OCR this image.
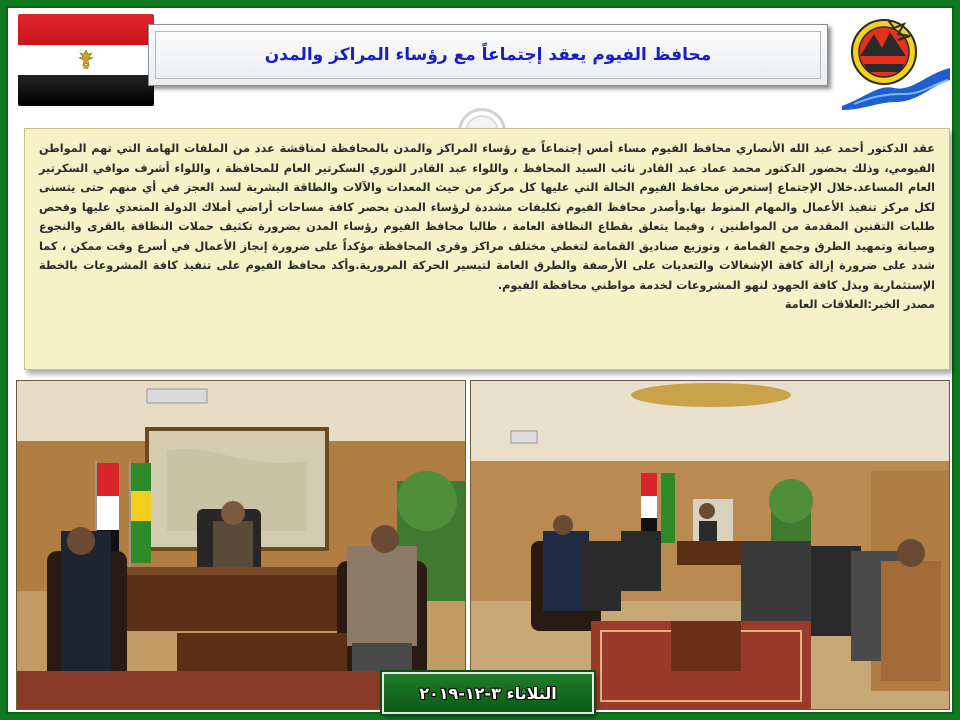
محافظ الفيوم يعقد إجتماعاً مع رؤساء المراكز والمدن

عقد الدكتور أحمد عبد الله الأنصاري محافظ الفيوم مساء أمس إجتماعاً مع رؤساء المراكز والمدن بالمحافظة لمناقشة عدد من الملفات الهامة التي تهم المواطن الفيومي، وذلك بحضور الدكتور محمد عماد عبد القادر نائب السيد المحافظ ، واللواء عبد القادر النوري السكرتير العام للمحافظة ، واللواء أشرف موافي السكرتير العام المساعد.خلال الإجتماع إستعرض محافظ الفيوم الحالة التي عليها كل مركز من حيث المعدات والآلات والطاقة البشرية لسد العجز في أي منهم حتى يتسنى لكل مركز تنفيذ الأعمال والمهام المنوط بها.وأصدر محافظ الفيوم تكليفات مشددة لرؤساء المدن بحصر كافة مساحات أراضي أملاك الدولة المتعدي عليها وفحص طلبات التقنين المقدمة من المواطنين ، وفيما يتعلق بقطاع النظافة العامة ، طالبا محافظ الفيوم رؤساء المدن بضرورة تكثيف حملات النظافة بالقرى والنجوع وصيانة وتمهيد الطرق وجمع القمامة ، وتوزيع صناديق القمامة لتغطي مختلف مراكز وقرى المحافظة مؤكداً على ضرورة إنجاز الأعمال في أسرع وقت ممكن ، كما شدد على ضرورة إزالة كافة الإشغالات والتعديات على الأرصفة والطرق العامة لتيسير الحركة المرورية.وأكد محافظ الفيوم على تنفيذ كافة المشروعات بالخطة الإستثمارية وبذل كافة الجهود لنهو المشروعات لخدمة مواطني محافظة الفيوم.

مصدر الخبر:العلاقات العامة
الثلاثاء ٣-١٢-٢٠١٩
